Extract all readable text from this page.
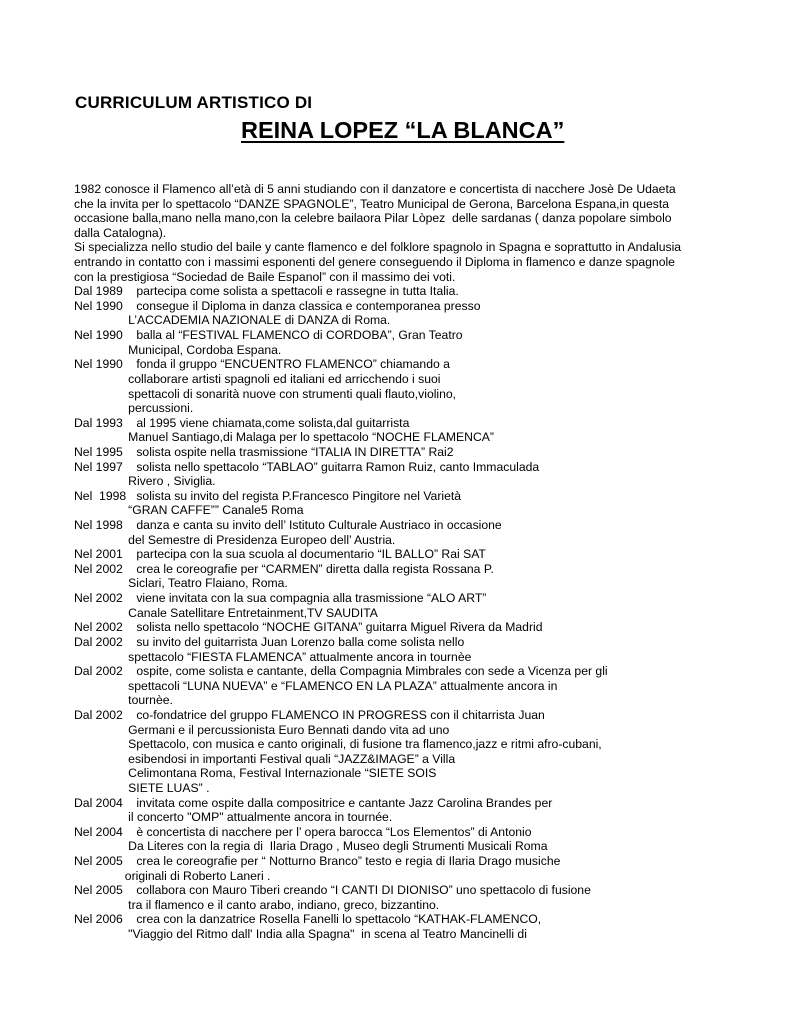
CURRICULUM ARTISTICO DI
REINA LOPEZ “LA BLANCA”
1982 conosce il Flamenco all’età di 5 anni studiando con il danzatore e concertista di nacchere Josè De Udaeta
che la invita per lo spettacolo “DANZE SPAGNOLE”, Teatro Municipal de Gerona, Barcelona Espana,in questa
occasione balla,mano nella mano,con la celebre bailaora Pilar Lòpez  delle sardanas ( danza popolare simbolo
dalla Catalogna).
Si specializza nello studio del baile y cante flamenco e del folklore spagnolo in Spagna e soprattutto in Andalusia
entrando in contatto con i massimi esponenti del genere conseguendo il Diploma in flamenco e danze spagnole
con la prestigiosa “Sociedad de Baile Espanol” con il massimo dei voti.
Dal 1989    partecipa come solista a spettacoli e rassegne in tutta Italia.
Nel 1990    consegue il Diploma in danza classica e contemporanea presso
L’ACCADEMIA NAZIONALE di DANZA di Roma.
Nel 1990    balla al “FESTIVAL FLAMENCO di CORDOBA”, Gran Teatro
Municipal, Cordoba Espana.
Nel 1990    fonda il gruppo “ENCUENTRO FLAMENCO” chiamando a
collaborare artisti spagnoli ed italiani ed arricchendo i suoi
spettacoli di sonarità nuove con strumenti quali flauto,violino,
percussioni.
Dal 1993    al 1995 viene chiamata,come solista,dal guitarrista
Manuel Santiago,di Malaga per lo spettacolo “NOCHE FLAMENCA”
Nel 1995    solista ospite nella trasmissione “ITALIA IN DIRETTA” Rai2
Nel 1997    solista nello spettacolo “TABLAO” guitarra Ramon Ruiz, canto Immaculada
Rivero , Siviglia.
Nel  1998   solista su invito del regista P.Francesco Pingitore nel Varietà
“GRAN CAFFE”” Canale5 Roma
Nel 1998    danza e canta su invito dell’ Istituto Culturale Austriaco in occasione
del Semestre di Presidenza Europeo dell’ Austria.
Nel 2001    partecipa con la sua scuola al documentario “IL BALLO” Rai SAT
Nel 2002    crea le coreografie per “CARMEN” diretta dalla regista Rossana P.
Siclari, Teatro Flaiano, Roma.
Nel 2002    viene invitata con la sua compagnia alla trasmissione “ALO ART”
Canale Satellitare Entretainment,TV SAUDITA
Nel 2002    solista nello spettacolo “NOCHE GITANA” guitarra Miguel Rivera da Madrid
Dal 2002    su invito del guitarrista Juan Lorenzo balla come solista nello
spettacolo “FIESTA FLAMENCA” attualmente ancora in tournèe
Dal 2002    ospite, come solista e cantante, della Compagnia Mimbrales con sede a Vicenza per gli
spettacoli “LUNA NUEVA” e “FLAMENCO EN LA PLAZA” attualmente ancora in
tournèe.
Dal 2002    co-fondatrice del gruppo FLAMENCO IN PROGRESS con il chitarrista Juan
Germani e il percussionista Euro Bennati dando vita ad uno
Spettacolo, con musica e canto originali, di fusione tra flamenco,jazz e ritmi afro-cubani,
esibendosi in importanti Festival quali “JAZZ&IMAGE” a Villa
Celimontana Roma, Festival Internazionale “SIETE SOIS
SIETE LUAS” .
Dal 2004    invitata come ospite dalla compositrice e cantante Jazz Carolina Brandes per
il concerto "OMP" attualmente ancora in tournée.
Nel 2004    è concertista di nacchere per l’ opera barocca “Los Elementos” di Antonio
Da Literes con la regia di  Ilaria Drago , Museo degli Strumenti Musicali Roma
Nel 2005    crea le coreografie per “ Notturno Branco” testo e regia di Ilaria Drago musiche
originali di Roberto Laneri .
Nel 2005    collabora con Mauro Tiberi creando “I CANTI DI DIONISO” uno spettacolo di fusione
tra il flamenco e il canto arabo, indiano, greco, bizzantino.
Nel 2006    crea con la danzatrice Rosella Fanelli lo spettacolo “KATHAK-FLAMENCO,
"Viaggio del Ritmo dall' India alla Spagna"  in scena al Teatro Mancinelli di
